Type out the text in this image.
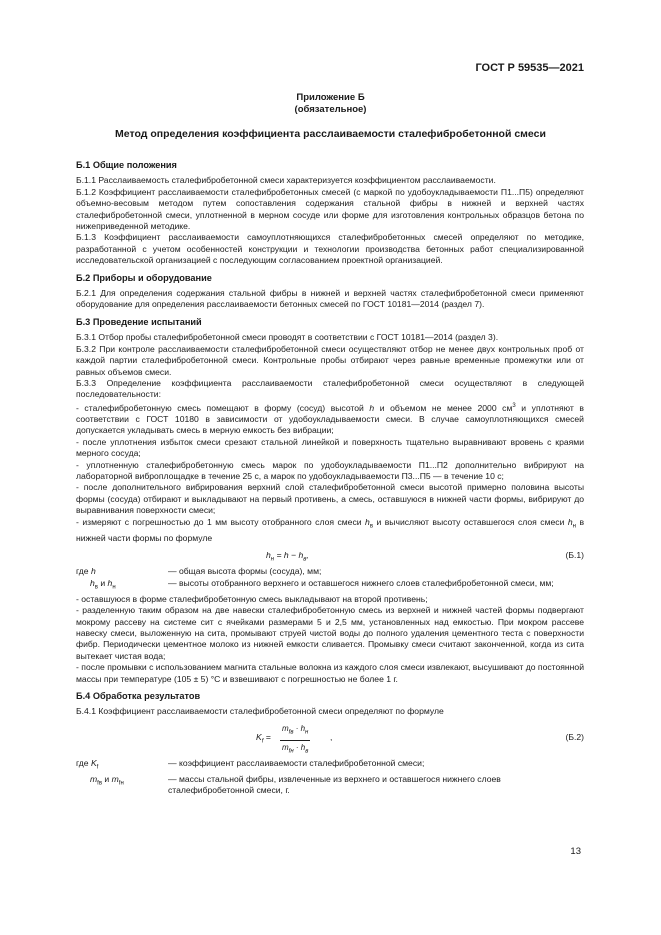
ГОСТ Р 59535—2021
Приложение Б
(обязательное)
Метод определения коэффициента расслаиваемости сталефибробетонной смеси

Б.1 Общие положения

Б.1.1 Расслаиваемость сталефибробетонной смеси характеризуется коэффициентом расслаиваемости.

Б.1.2 Коэффициент расслаиваемости сталефибробетонных смесей (с маркой по удобоукладываемости П1...П5) определяют объемно-весовым методом путем сопоставления содержания стальной фибры в нижней и верхней частях сталефибробетонной смеси, уплотненной в мерном сосуде или форме для изготовления контрольных образцов бетона по нижеприведенной методике.

Б.1.3 Коэффициент расслаиваемости самоуплотняющихся сталефибробетонных смесей определяют по методике, разработанной с учетом особенностей конструкции и технологии производства бетонных работ специализированной исследовательской организацией с последующим согласованием проектной организацией.

Б.2 Приборы и оборудование

Б.2.1 Для определения содержания стальной фибры в нижней и верхней частях сталефибробетонной смеси применяют оборудование для определения расслаиваемости бетонных смесей по ГОСТ 10181—2014 (раздел 7).

Б.3 Проведение испытаний

Б.3.1 Отбор пробы сталефибробетонной смеси проводят в соответствии с ГОСТ 10181—2014 (раздел 3).

Б.3.2 При контроле расслаиваемости сталефибробетонной смеси осуществляют отбор не менее двух контрольных проб от каждой партии сталефибробетонной смеси. Контрольные пробы отбирают через равные временные промежутки или от равных объемов смеси.

Б.3.3 Определение коэффициента расслаиваемости сталефибробетонной смеси осуществляют в следующей последовательности:

- сталефибробетонную смесь помещают в форму (сосуд) высотой h и объемом не менее 2000 $см^3$ и уплотняют в соответствии с ГОСТ 10180 в зависимости от удобоукладываемости смеси. В случае самоуплотняющихся смесей допускается укладывать смесь в мерную емкость без вибрации;

- после уплотнения избыток смеси срезают стальной линейкой и поверхность тщательно выравнивают вровень с краями мерного сосуда;

- уплотненную сталефибробетонную смесь марок по удобоукладываемости П1...П2 дополнительно вибрируют на лабораторной виброплощадке в течение 25 с, а марок по удобоукладываемости П3...П5 — в течение 10 с;

- после дополнительного вибрирования верхний слой сталефибробетонной смеси высотой примерно половина высоты формы (сосуда) отбирают и выкладывают на первый противень, а смесь, оставшуюся в нижней части формы, вибрируют до выравнивания поверхности смеси;

- измеряют с погрешностью до 1 мм высоту отобранного слоя смеси $h_в$ и вычисляют высоту оставшегося слоя смеси $h_н$ в нижней части формы по формуле

$h_н = h - h_в$,	(Б.1)
где h	— общая высота формы (сосуда), мм;
$h_в$ и $h_н$	— высоты отобранного верхнего и оставшегося нижнего слоев сталефибробетонной смеси, мм;

- оставшуюся в форме сталефибробетонную смесь выкладывают на второй противень;

- разделенную таким образом на две навески сталефибробетонную смесь из верхней и нижней частей формы подвергают мокрому рассеву на системе сит с ячейками размерами 5 и 2,5 мм, установленных над емкостью. При мокром рассеве навеску смеси, выложенную на сита, промывают струей чистой воды до полного удаления цементного теста с поверхности фибр. Периодически цементное молоко из нижней емкости сливается. Промывку смеси считают законченной, когда из сита вытекает чистая вода;

- после промывки с использованием магнита стальные волокна из каждого слоя смеси извлекают, высушивают до постоянной массы при температуре (105 ± 5) °С и взвешивают с погрешностью не более 1 г.

Б.4 Обработка результатов

Б.4.1 Коэффициент расслаиваемости сталефибробетонной смеси определяют по формуле

$K_f$ =
$m_{fв} \cdot h_н$
$m_{fн} \cdot h_в$
,	(Б.2)
где $K_f$	— коэффициент расслаиваемости сталефибробетонной смеси;
$m_{fв}$ и $m_{fн}$	— массы стальной фибры, извлеченные из верхнего и оставшегося нижнего слоев сталефибробетонной смеси, г.
13
